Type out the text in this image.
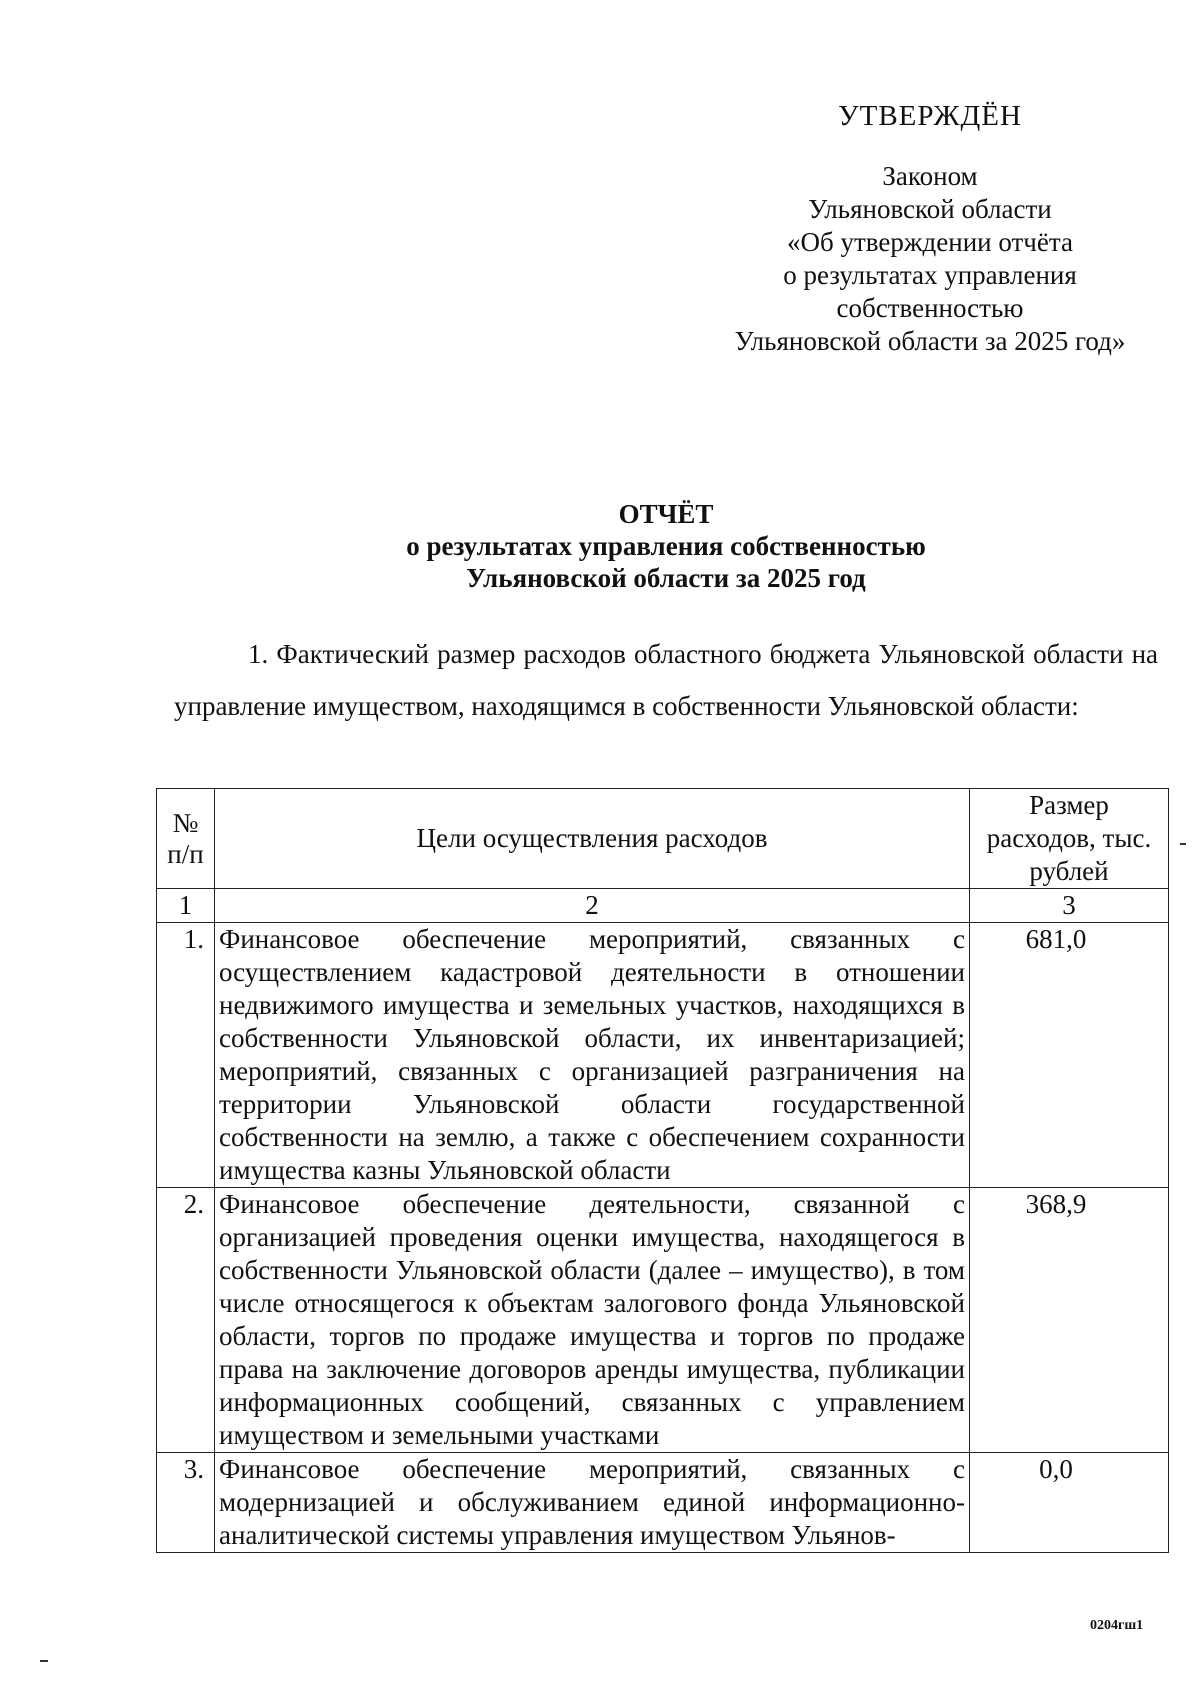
УТВЕРЖДЁН
Законом
Ульяновской области
«Об утверждении отчёта
о результатах управления
собственностью
Ульяновской области за 2025 год»
ОТЧЁТ
о результатах управления собственностью
Ульяновской области за 2025 год
1. Фактический размер расходов областного бюджета Ульяновской области на управление имуществом, находящимся в собственности Ульяновской области:
№ п/п	Цели осуществления расходов	Размер расходов, тыс. рублей
1	2	3
1.	Финансовое обеспечение мероприятий, связанных с осуществлением кадастровой деятельности в отношении недвижимого имущества и земельных участков, находящихся в собственности Ульяновской области, их инвентаризацией; мероприятий, связанных с организацией разграничения на территории Ульяновской области государственной собственности на землю, а также с обеспечением сохранности имущества казны Ульяновской области	681,0
2.	Финансовое обеспечение деятельности, связанной с организацией проведения оценки имущества, находящегося в собственности Ульяновской области (далее – имущество), в том числе относящегося к объектам залогового фонда Ульяновской области, торгов по продаже имущества и торгов по продаже права на заключение договоров аренды имущества, публикации информационных сообщений, связанных с управлением имуществом и земельными участками	368,9
3.	Финансовое обеспечение мероприятий, связанных с модернизацией и обслуживанием единой информационно-аналитической системы управления имуществом Ульянов-	0,0
0204гш1
